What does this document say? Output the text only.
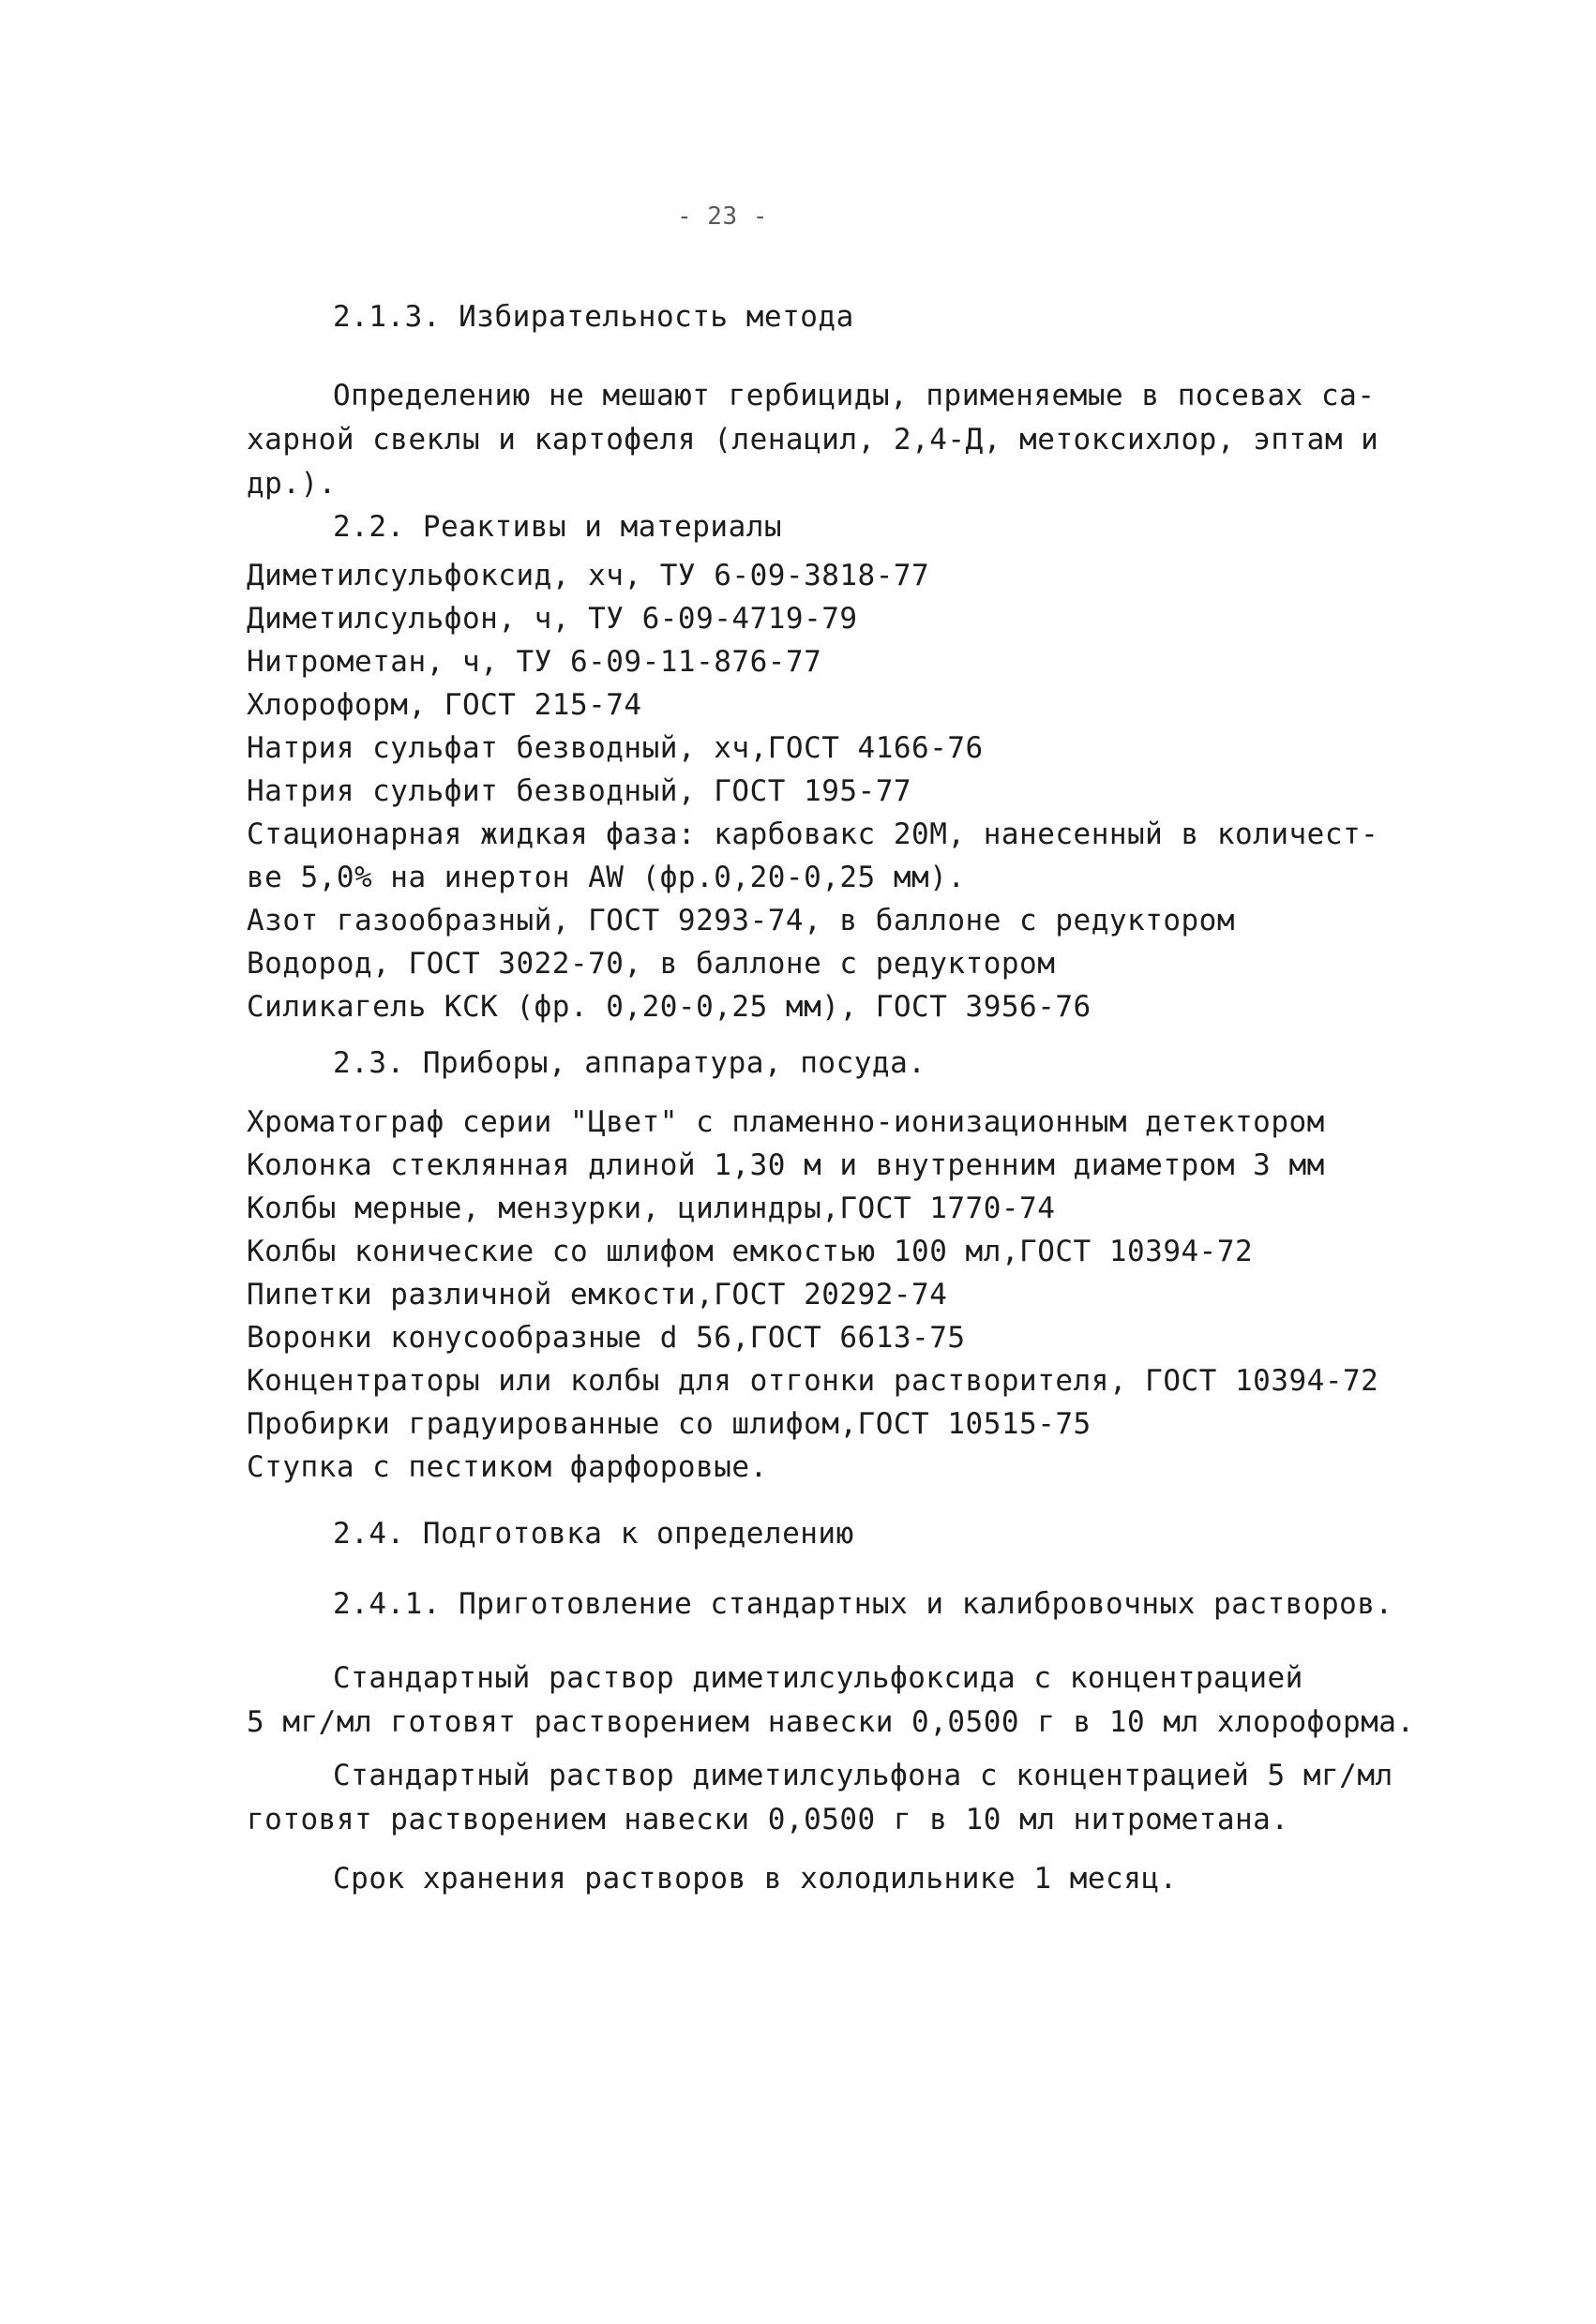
- 23 -
2.1.3. Избирательность метода
Определению не мешают гербициды, применяемые в посевах са-
харной свеклы и картофеля (ленацил, 2,4-Д, метоксихлор, эптам и
др.).
2.2. Реактивы и материалы
Диметилсульфоксид, хч, ТУ 6-09-3818-77
Диметилсульфон, ч, ТУ 6-09-4719-79
Нитрометан, ч, ТУ 6-09-11-876-77
Хлороформ, ГОСТ 215-74
Натрия сульфат безводный, хч,ГОСТ 4166-76
Натрия сульфит безводный, ГОСТ 195-77
Стационарная жидкая фаза: карбовакс 20М, нанесенный в количест-
ве 5,0% на инертон AW (фр.0,20-0,25 мм).
Азот газообразный, ГОСТ 9293-74, в баллоне с редуктором
Водород, ГОСТ 3022-70, в баллоне с редуктором
Силикагель КСК (фр. 0,20-0,25 мм), ГОСТ 3956-76
2.3. Приборы, аппаратура, посуда.
Хроматограф серии "Цвет" с пламенно-ионизационным детектором
Колонка стеклянная длиной 1,30 м и внутренним диаметром 3 мм
Колбы мерные, мензурки, цилиндры,ГОСТ 1770-74
Колбы конические со шлифом емкостью 100 мл,ГОСТ 10394-72
Пипетки различной емкости,ГОСТ 20292-74
Воронки конусообразные d 56,ГОСТ 6613-75
Концентраторы или колбы для отгонки растворителя, ГОСТ 10394-72
Пробирки градуированные со шлифом,ГОСТ 10515-75
Ступка с пестиком фарфоровые.
2.4. Подготовка к определению
2.4.1. Приготовление стандартных и калибровочных растворов.
Стандартный раствор диметилсульфоксида с концентрацией
5 мг/мл готовят растворением навески 0,0500 г в 10 мл хлороформа.
Стандартный раствор диметилсульфона с концентрацией 5 мг/мл
готовят растворением навески 0,0500 г в 10 мл нитрометана.
Срок хранения растворов в холодильнике 1 месяц.
